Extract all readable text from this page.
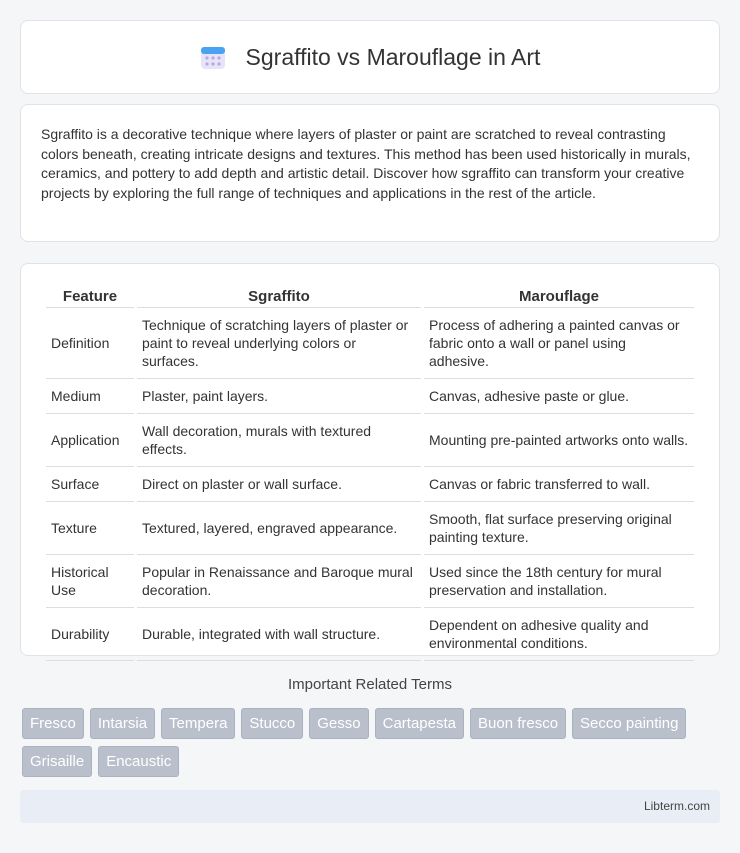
Sgraffito vs Marouflage in Art

Sgraffito is a decorative technique where layers of plaster or paint are scratched to reveal contrasting colors beneath, creating intricate designs and textures. This method has been used historically in murals, ceramics, and pottery to add depth and artistic detail. Discover how sgraffito can transform your creative projects by exploring the full range of techniques and applications in the rest of the article.

Feature	Sgraffito	Marouflage
Definition	Technique of scratching layers of plaster or paint to reveal underlying colors or surfaces.	Process of adhering a painted canvas or fabric onto a wall or panel using adhesive.
Medium	Plaster, paint layers.	Canvas, adhesive paste or glue.
Application	Wall decoration, murals with textured effects.	Mounting pre-painted artworks onto walls.
Surface	Direct on plaster or wall surface.	Canvas or fabric transferred to wall.
Texture	Textured, layered, engraved appearance.	Smooth, flat surface preserving original painting texture.
Historical Use	Popular in Renaissance and Baroque mural decoration.	Used since the 18th century for mural preservation and installation.
Durability	Durable, integrated with wall structure.	Dependent on adhesive quality and environmental conditions.
Important Related Terms
Fresco	Intarsia	Tempera	Stucco	Gesso	Cartapesta	Buon fresco	Secco painting
Grisaille	Encaustic
Libterm.com
